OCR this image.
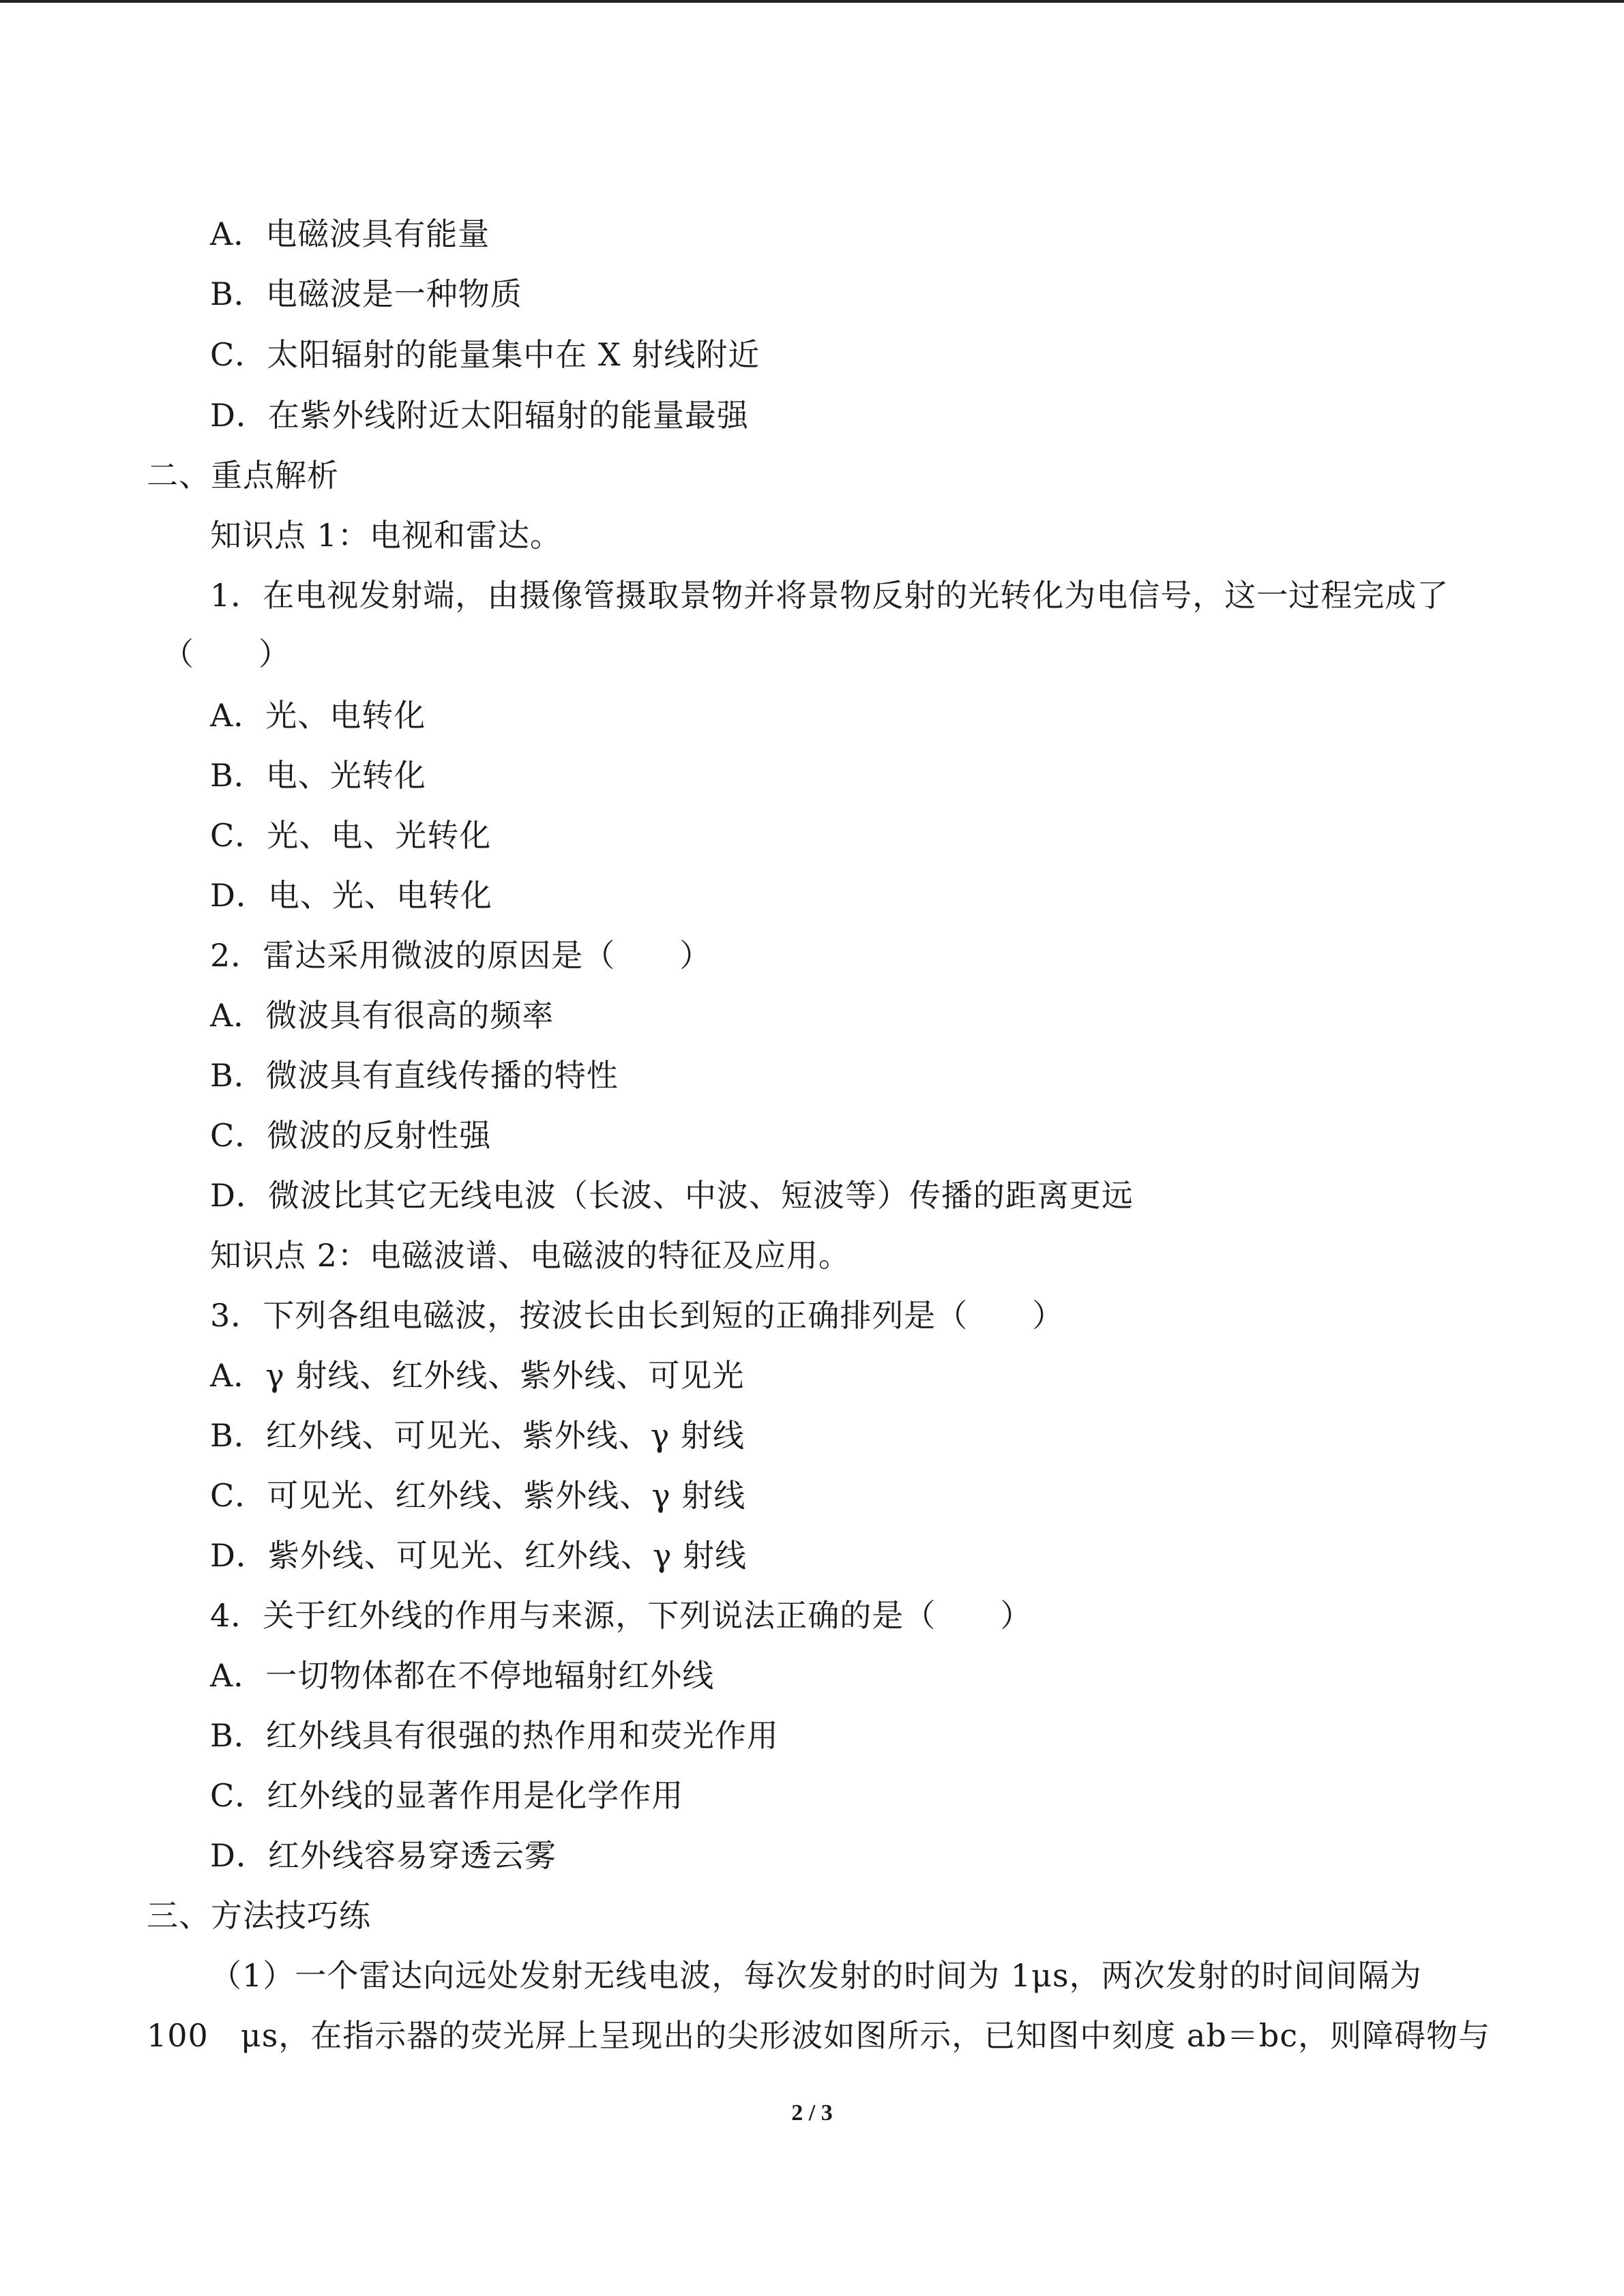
A．电磁波具有能量
B．电磁波是一种物质
C．太阳辐射的能量集中在 X 射线附近
D．在紫外线附近太阳辐射的能量最强
二、重点解析
知识点 1：电视和雷达。
1．在电视发射端，由摄像管摄取景物并将景物反射的光转化为电信号，这一过程完成了
（　　）
A．光、电转化
B．电、光转化
C．光、电、光转化
D．电、光、电转化
2．雷达采用微波的原因是（　　）
A．微波具有很高的频率
B．微波具有直线传播的特性
C．微波的反射性强
D．微波比其它无线电波（长波、中波、短波等）传播的距离更远
知识点 2：电磁波谱、电磁波的特征及应用。
3．下列各组电磁波，按波长由长到短的正确排列是（　　）
A．γ 射线、红外线、紫外线、可见光
B．红外线、可见光、紫外线、γ 射线
C．可见光、红外线、紫外线、γ 射线
D．紫外线、可见光、红外线、γ 射线
4．关于红外线的作用与来源，下列说法正确的是（　　）
A．一切物体都在不停地辐射红外线
B．红外线具有很强的热作用和荧光作用
C．红外线的显著作用是化学作用
D．红外线容易穿透云雾
三、方法技巧练
（1）一个雷达向远处发射无线电波，每次发射的时间为 1μs，两次发射的时间间隔为
100　μs，在指示器的荧光屏上呈现出的尖形波如图所示，已知图中刻度 ab＝bc，则障碍物与
2 / 3
